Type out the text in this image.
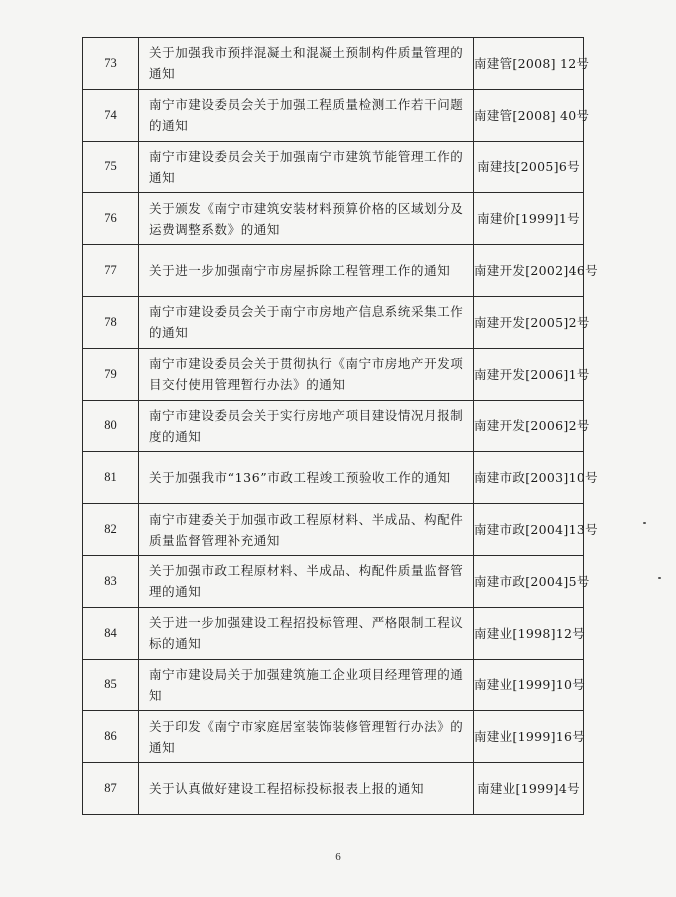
73	关于加强我市预拌混凝土和混凝土预制构件质量管理的通知	南建管[2008] 12号
74	南宁市建设委员会关于加强工程质量检测工作若干问题的通知	南建管[2008] 40号
75	南宁市建设委员会关于加强南宁市建筑节能管理工作的通知	南建技[2005]6号
76	关于颁发《南宁市建筑安装材料预算价格的区域划分及运费调整系数》的通知	南建价[1999]1号
77	关于进一步加强南宁市房屋拆除工程管理工作的通知	南建开发[2002]46号
78	南宁市建设委员会关于南宁市房地产信息系统采集工作的通知	南建开发[2005]2号
79	南宁市建设委员会关于贯彻执行《南宁市房地产开发项目交付使用管理暂行办法》的通知	南建开发[2006]1号
80	南宁市建设委员会关于实行房地产项目建设情况月报制度的通知	南建开发[2006]2号
81	关于加强我市“136”市政工程竣工预验收工作的通知	南建市政[2003]10号
82	南宁市建委关于加强市政工程原材料、半成品、构配件质量监督管理补充通知	南建市政[2004]13号
83	关于加强市政工程原材料、半成品、构配件质量监督管理的通知	南建市政[2004]5号
84	关于进一步加强建设工程招投标管理、严格限制工程议标的通知	南建业[1998]12号
85	南宁市建设局关于加强建筑施工企业项目经理管理的通知	南建业[1999]10号
86	关于印发《南宁市家庭居室装饰装修管理暂行办法》的通知	南建业[1999]16号
87	关于认真做好建设工程招标投标报表上报的通知	南建业[1999]4号
6
